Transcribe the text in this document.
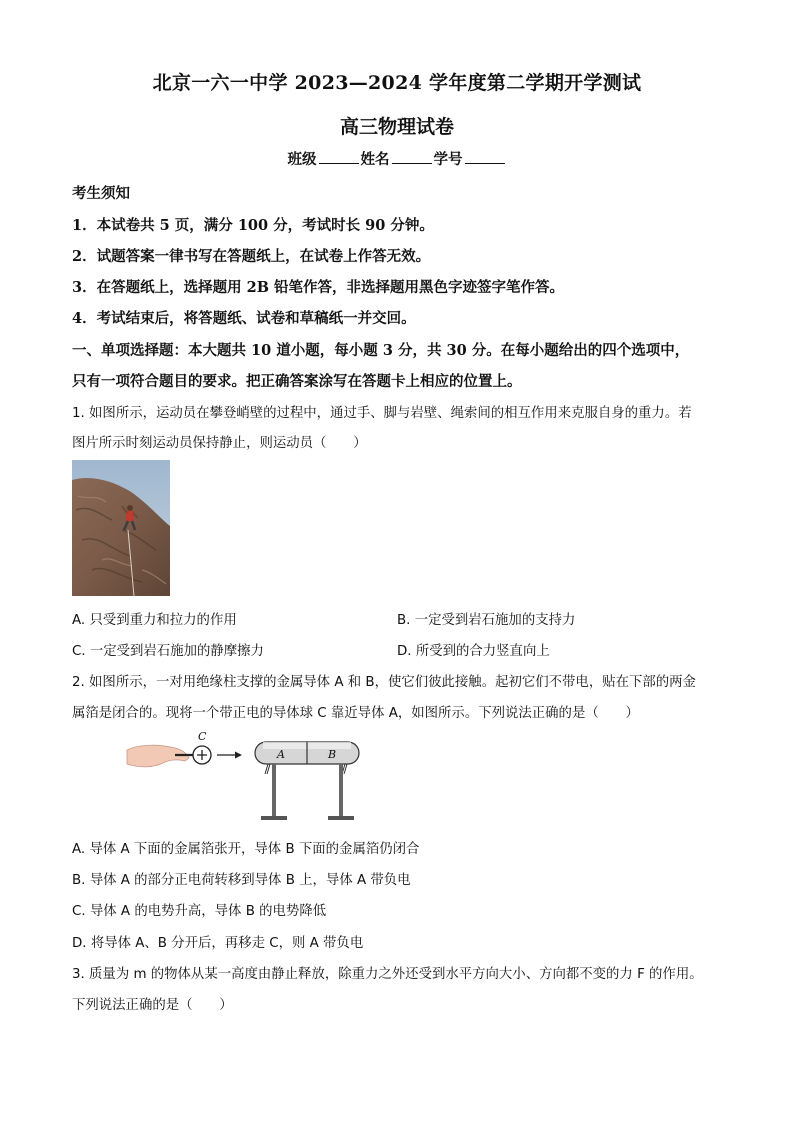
北京一六一中学 2023—2024 学年度第二学期开学测试
高三物理试卷
班级	姓名	学号
考生须知
1．本试卷共 5 页，满分 100 分，考试时长 90 分钟。
2．试题答案一律书写在答题纸上，在试卷上作答无效。
3．在答题纸上，选择题用 2B 铅笔作答，非选择题用黑色字迹签字笔作答。
4．考试结束后，将答题纸、试卷和草稿纸一并交回。
一、单项选择题：本大题共 10 道小题，每小题 3 分，共 30 分。在每小题给出的四个选项中，
只有一项符合题目的要求。把正确答案涂写在答题卡上相应的位置上。
1. 如图所示，运动员在攀登峭壁的过程中，通过手、脚与岩壁、绳索间的相互作用来克服自身的重力。若
图片所示时刻运动员保持静止，则运动员（　　）
A. 只受到重力和拉力的作用	B. 一定受到岩石施加的支持力
C. 一定受到岩石施加的静摩擦力	D. 所受到的合力竖直向上
2. 如图所示，一对用绝缘柱支撑的金属导体 A 和 B，使它们彼此接触。起初它们不带电，贴在下部的两金
属箔是闭合的。现将一个带正电的导体球 C 靠近导体 A，如图所示。下列说法正确的是（　　）
C
A	B
A. 导体 A 下面的金属箔张开，导体 B 下面的金属箔仍闭合
B. 导体 A 的部分正电荷转移到导体 B 上，导体 A 带负电
C. 导体 A 的电势升高，导体 B 的电势降低
D. 将导体 A、B 分开后，再移走 C，则 A 带负电
3. 质量为 m 的物体从某一高度由静止释放，除重力之外还受到水平方向大小、方向都不变的力 F 的作用。
下列说法正确的是（　　）
